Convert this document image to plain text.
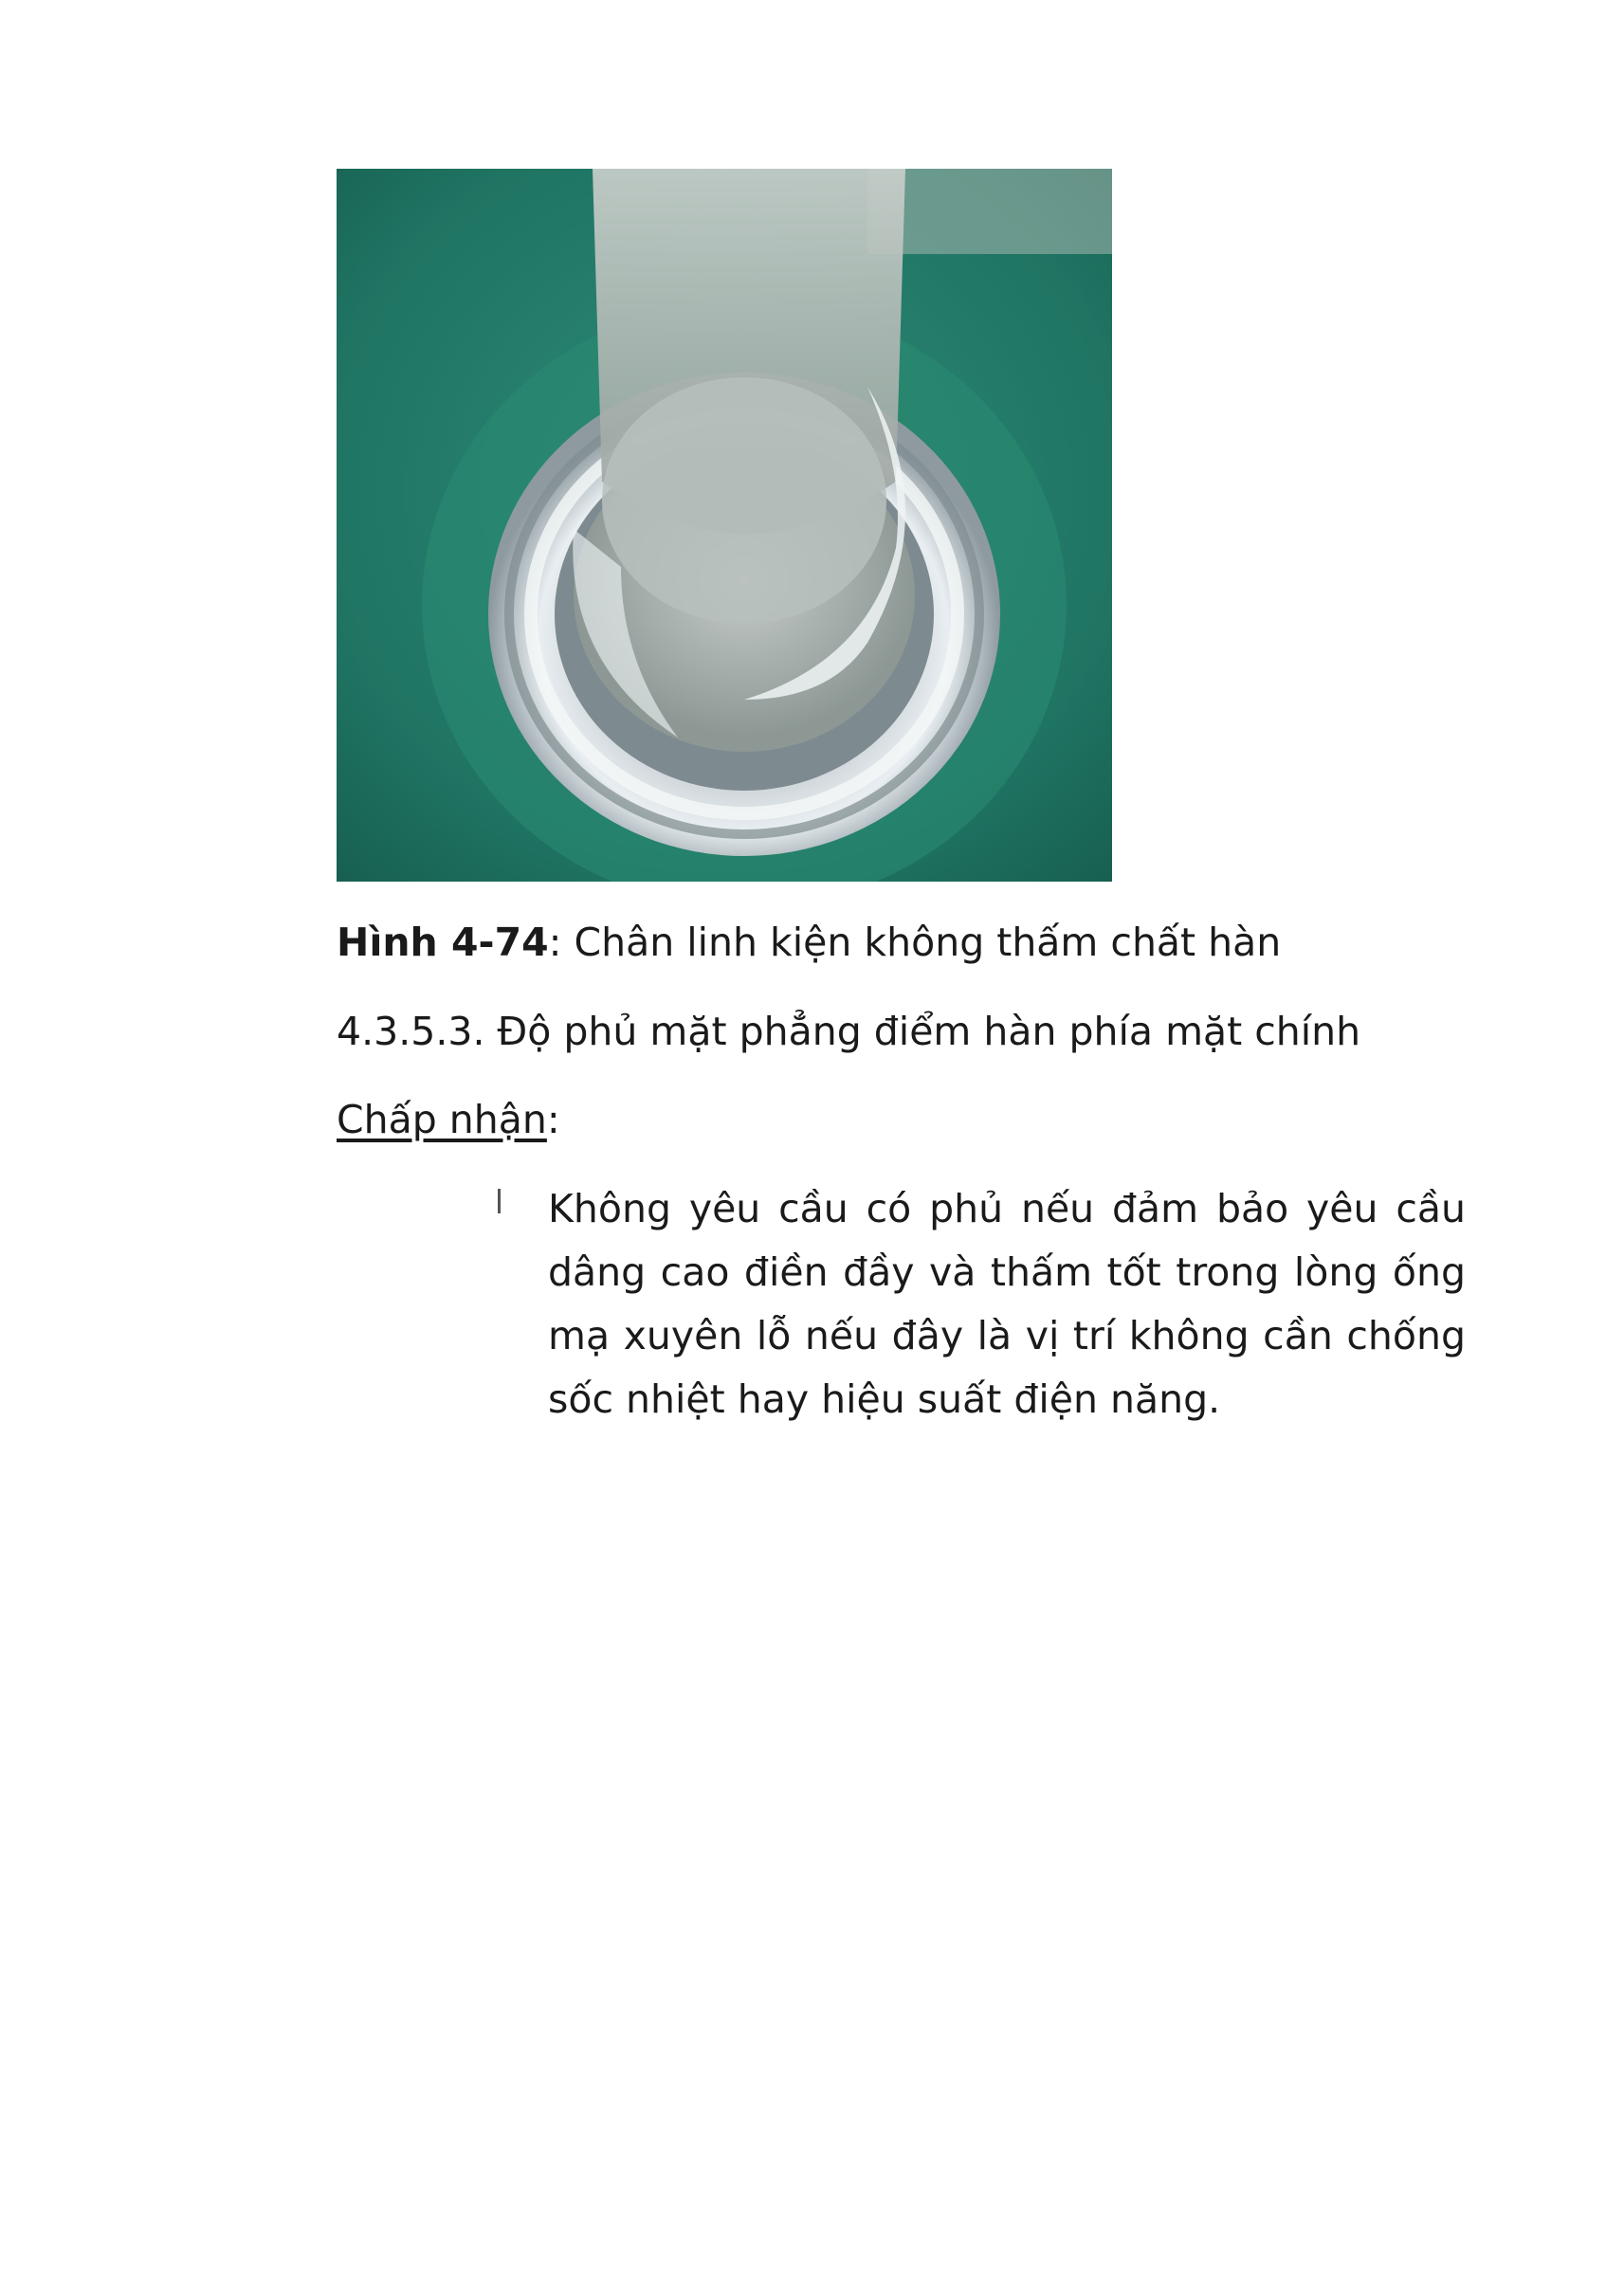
Hình 4-74: Chân linh kiện không thấm chất hàn
4.3.5.3. Độ phủ mặt phẳng điểm hàn phía mặt chính
Chấp nhận:
Không yêu cầu có phủ nếu đảm bảo yêu cầu dâng cao điền đầy và thấm tốt trong lòng ống mạ xuyên lỗ nếu đây là vị trí không cần chống sốc nhiệt hay hiệu suất điện năng.
